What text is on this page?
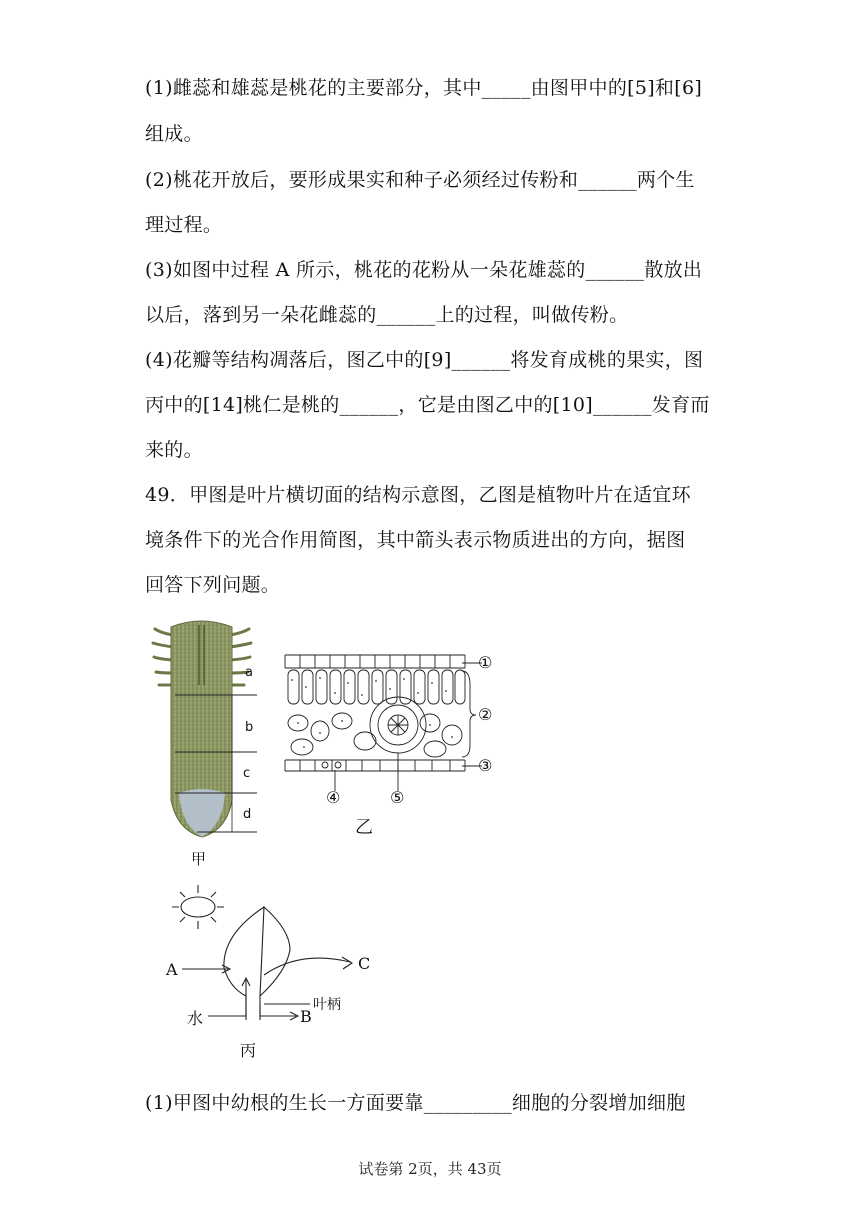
(1)雌蕊和雄蕊是桃花的主要部分，其中_____由图甲中的[5]和[6]
组成。
(2)桃花开放后，要形成果实和种子必须经过传粉和______两个生
理过程。
(3)如图中过程 A 所示，桃花的花粉从一朵花雄蕊的______散放出
以后，落到另一朵花雌蕊的______上的过程，叫做传粉。
(4)花瓣等结构凋落后，图乙中的[9]______将发育成桃的果实，图
丙中的[14]桃仁是桃的______，它是由图乙中的[10]______发育而
来的。
49．甲图是叶片横切面的结构示意图，乙图是植物叶片在适宜环
境条件下的光合作用简图，其中箭头表示物质进出的方向，据图
回答下列问题。
(1)甲图中幼根的生长一方面要靠_________细胞的分裂增加细胞
a
b
c
d
甲
①
②
③
④	⑤
乙
A	C
B
水
叶柄
丙
试卷第 2页，共 43页
